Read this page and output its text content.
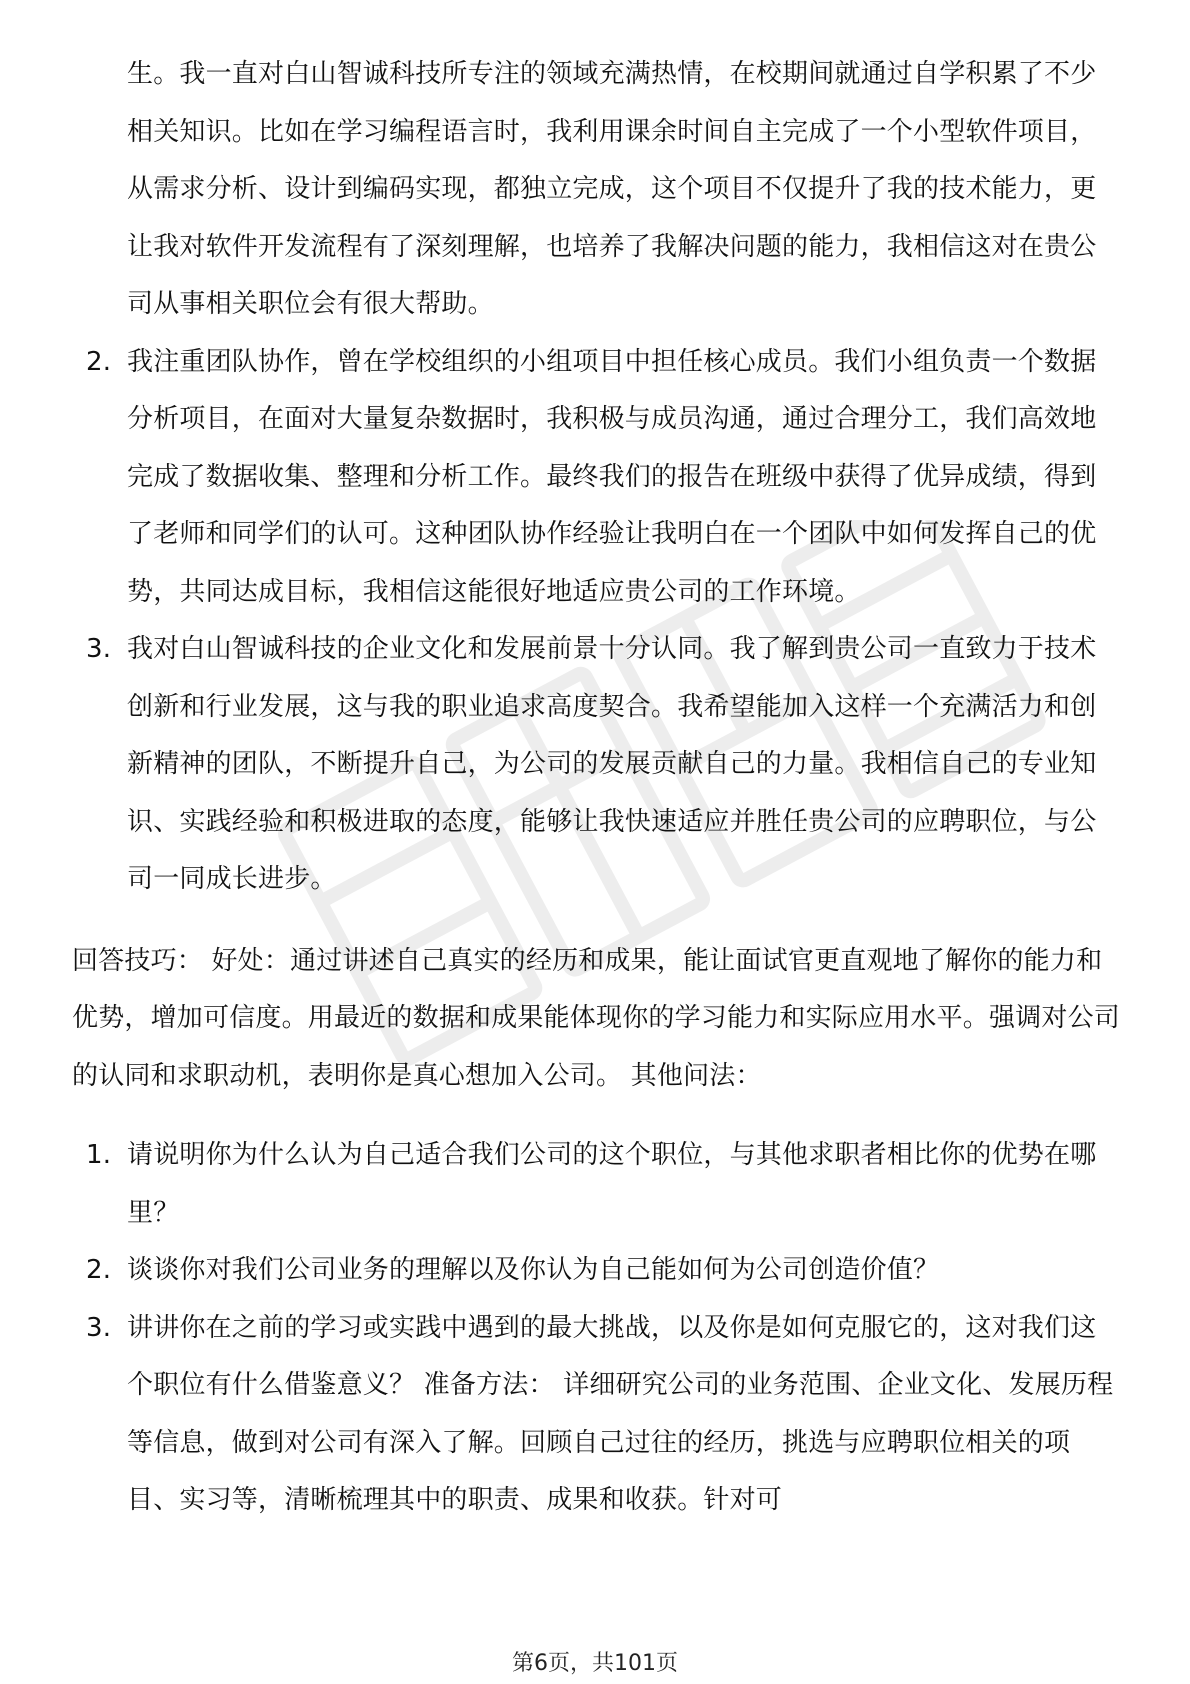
生。我一直对白山智诚科技所专注的领域充满热情，在校期间就通过自学积累了不少相关知识。比如在学习编程语言时，我利用课余时间自主完成了一个小型软件项目，从需求分析、设计到编码实现，都独立完成，这个项目不仅提升了我的技术能力，更让我对软件开发流程有了深刻理解，也培养了我解决问题的能力，我相信这对在贵公司从事相关职位会有很大帮助。

2. 我注重团队协作，曾在学校组织的小组项目中担任核心成员。我们小组负责一个数据分析项目，在面对大量复杂数据时，我积极与成员沟通，通过合理分工，我们高效地完成了数据收集、整理和分析工作。最终我们的报告在班级中获得了优异成绩，得到了老师和同学们的认可。这种团队协作经验让我明白在一个团队中如何发挥自己的优势，共同达成目标，我相信这能很好地适应贵公司的工作环境。

3. 我对白山智诚科技的企业文化和发展前景十分认同。我了解到贵公司一直致力于技术创新和行业发展，这与我的职业追求高度契合。我希望能加入这样一个充满活力和创新精神的团队，不断提升自己，为公司的发展贡献自己的力量。我相信自己的专业知识、实践经验和积极进取的态度，能够让我快速适应并胜任贵公司的应聘职位，与公司一同成长进步。

回答技巧： 好处：通过讲述自己真实的经历和成果，能让面试官更直观地了解你的能力和优势，增加可信度。用最近的数据和成果能体现你的学习能力和实际应用水平。强调对公司的认同和求职动机，表明你是真心想加入公司。 其他问法：

1. 请说明你为什么认为自己适合我们公司的这个职位，与其他求职者相比你的优势在哪里？

2. 谈谈你对我们公司业务的理解以及你认为自己能如何为公司创造价值？

3. 讲讲你在之前的学习或实践中遇到的最大挑战，以及你是如何克服它的，这对我们这个职位有什么借鉴意义？ 准备方法： 详细研究公司的业务范围、企业文化、发展历程等信息，做到对公司有深入了解。回顾自己过往的经历，挑选与应聘职位相关的项目、实习等，清晰梳理其中的职责、成果和收获。针对可

第6页，共101页
